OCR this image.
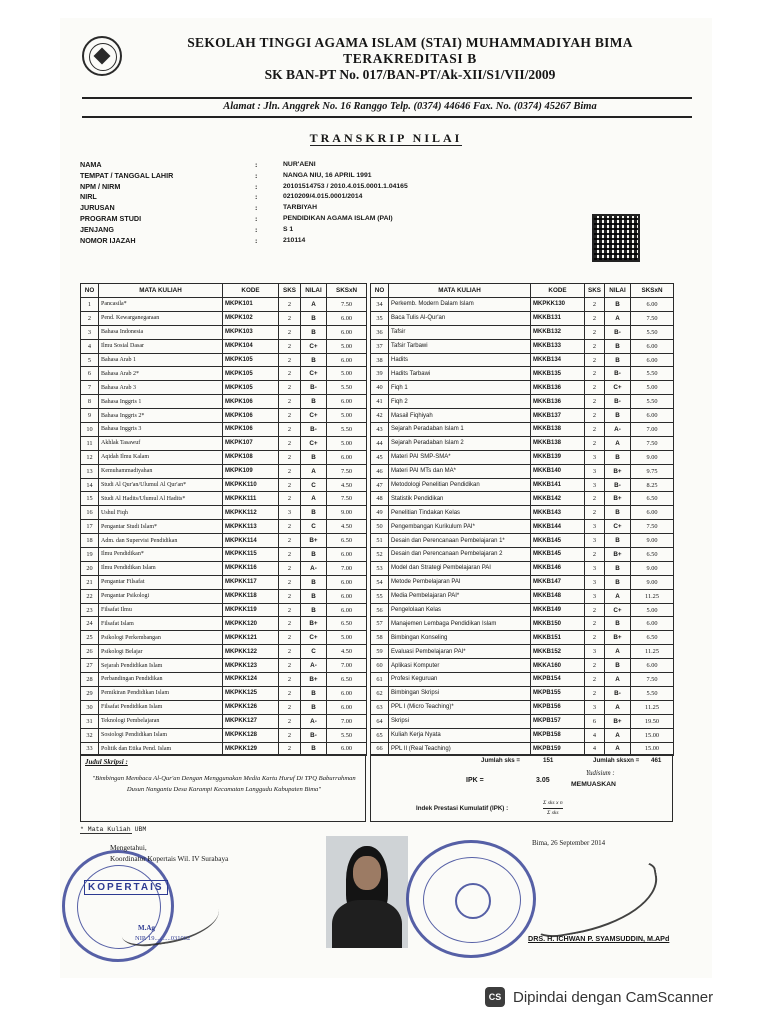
SEKOLAH TINGGI AGAMA ISLAM (STAI) MUHAMMADIYAH BIMA
TERAKREDITASI B
SK BAN-PT No. 017/BAN-PT/Ak-XII/S1/VII/2009
Alamat : Jln. Anggrek No. 16 Ranggo Telp. (0374) 44646 Fax. No. (0374) 45267 Bima
TRANSKRIP NILAI
NAMA	:	NUR'AENI
TEMPAT / TANGGAL LAHIR	:	NANGA NIU, 16 APRIL 1991
NPM / NIRM	:	20101514753 / 2010.4.015.0001.1.04165
NIRL	:	0210209/4.015.0001/2014
JURUSAN	:	TARBIYAH
PROGRAM STUDI	:	PENDIDIKAN AGAMA ISLAM (PAI)
JENJANG	:	S 1
NOMOR IJAZAH	:	210114
NO	MATA KULIAH	KODE	SKS	NILAI	SKSxN
1	Pancasila*	MKPK101	2	A	7.50
2	Pend. Kewarganegaraan	MKPK102	2	B	6.00
3	Bahasa Indonesia	MKPK103	2	B	6.00
4	Ilmu Sosial Dasar	MKPK104	2	C+	5.00
5	Bahasa Arab 1	MKPK105	2	B	6.00
6	Bahasa Arab 2*	MKPK105	2	C+	5.00
7	Bahasa Arab 3	MKPK105	2	B-	5.50
8	Bahasa Inggris 1	MKPK106	2	B	6.00
9	Bahasa Inggris 2*	MKPK106	2	C+	5.00
10	Bahasa Inggris 3	MKPK106	2	B-	5.50
11	Akhlak Tasawuf	MKPK107	2	C+	5.00
12	Aqidah Ilmu Kalam	MKPK108	2	B	6.00
13	Kemuhammadiyahan	MKPK109	2	A	7.50
14	Studi Al Qur'an/Ulumul Al Qur'an*	MKPKK110	2	C	4.50
15	Studi Al Hadits/Ulumul Al Hadits*	MKPKK111	2	A	7.50
16	Ushul Fiqh	MKPKK112	3	B	9.00
17	Pengantar Studi Islam*	MKPKK113	2	C	4.50
18	Adm. dan Supervisi Pendidikan	MKPKK114	2	B+	6.50
19	Ilmu Pendidikan*	MKPKK115	2	B	6.00
20	Ilmu Pendidikan Islam	MKPKK116	2	A-	7.00
21	Pengantar Filsafat	MKPKK117	2	B	6.00
22	Pengantar Psikologi	MKPKK118	2	B	6.00
23	Filsafat Ilmu	MKPKK119	2	B	6.00
24	Filsafat Islam	MKPKK120	2	B+	6.50
25	Psikologi Perkembangan	MKPKK121	2	C+	5.00
26	Psikologi Belajar	MKPKK122	2	C	4.50
27	Sejarah Pendidikan Islam	MKPKK123	2	A-	7.00
28	Perbandingan Pendidikan	MKPKK124	2	B+	6.50
29	Pemikiran Pendidikan Islam	MKPKK125	2	B	6.00
30	Filsafat Pendidikan Islam	MKPKK126	2	B	6.00
31	Teknologi Pembelajaran	MKPKK127	2	A-	7.00
32	Sosiologi Pendidikan Islam	MKPKK128	2	B-	5.50
33	Politik dan Etika Pend. Islam	MKPKK129	2	B	6.00
NO	MATA KULIAH	KODE	SKS	NILAI	SKSxN
34	Perkemb. Modern Dalam Islam	MKPKK130	2	B	6.00
35	Baca Tulis Al-Qur'an	MKKB131	2	A	7.50
36	Tafsir	MKKB132	2	B-	5.50
37	Tafsir Tarbawi	MKKB133	2	B	6.00
38	Hadits	MKKB134	2	B	6.00
39	Hadits Tarbawi	MKKB135	2	B-	5.50
40	Fiqh 1	MKKB136	2	C+	5.00
41	Fiqh 2	MKKB136	2	B-	5.50
42	Masail Fiqhiyah	MKKB137	2	B	6.00
43	Sejarah Peradaban Islam 1	MKKB138	2	A-	7.00
44	Sejarah Peradaban Islam 2	MKKB138	2	A	7.50
45	Materi PAI SMP-SMA*	MKKB139	3	B	9.00
46	Materi PAI MTs dan MA*	MKKB140	3	B+	9.75
47	Metodologi Penelitian Pendidikan	MKKB141	3	B-	8.25
48	Statistik Pendidikan	MKKB142	2	B+	6.50
49	Penelitian Tindakan Kelas	MKKB143	2	B	6.00
50	Pengembangan Kurikulum PAI*	MKKB144	3	C+	7.50
51	Desain dan Perencanaan Pembelajaran 1*	MKKB145	3	B	9.00
52	Desain dan Perencanaan Pembelajaran 2	MKKB145	2	B+	6.50
53	Model dan Strategi Pembelajaran PAI	MKKB146	3	B	9.00
54	Metode Pembelajaran PAI	MKKB147	3	B	9.00
55	Media Pembelajaran PAI*	MKKB148	3	A	11.25
56	Pengelolaan Kelas	MKKB149	2	C+	5.00
57	Manajemen Lembaga Pendidikan Islam	MKKB150	2	B	6.00
58	Bimbingan Konseling	MKKB151	2	B+	6.50
59	Evaluasi Pembelajaran PAI*	MKKB152	3	A	11.25
60	Aplikasi Komputer	MKKA160	2	B	6.00
61	Profesi Keguruan	MKPB154	2	A	7.50
62	Bimbingan Skripsi	MKPB155	2	B-	5.50
63	PPL I (Micro Teaching)*	MKPB156	3	A	11.25
64	Skripsi	MKPB157	6	B+	19.50
65	Kuliah Kerja Nyata	MKPB158	4	A	15.00
66	PPL II (Real Teaching)	MKPB159	4	A	15.00
Judul Skripsi :
"Bimbingan Membaca Al-Qur'an Dengan Menggunakan Media Kartu Huruf Di TPQ Baburrahman Dusun Nanganiu Desa Karampi Kecamatan Langgudu Kabupaten Bima"
Jumlah sks =	151	Jumlah sksxn = 461
IPK =	3.05
Yudisium :
MEMUASKAN
Indek Prestasi Kumulatif (IPK) :
Σ sks x n
Σ sks
* Mata Kuliah UBM
KOPERTAIS
Mengetahui,
Koordinator Kopertais Wil. IV Surabaya
M.Ag
NIP. 19..........031002
Bima, 26 September 2014
DRS. H. ICHWAN P. SYAMSUDDIN, M.APd
CS Dipindai dengan CamScanner
